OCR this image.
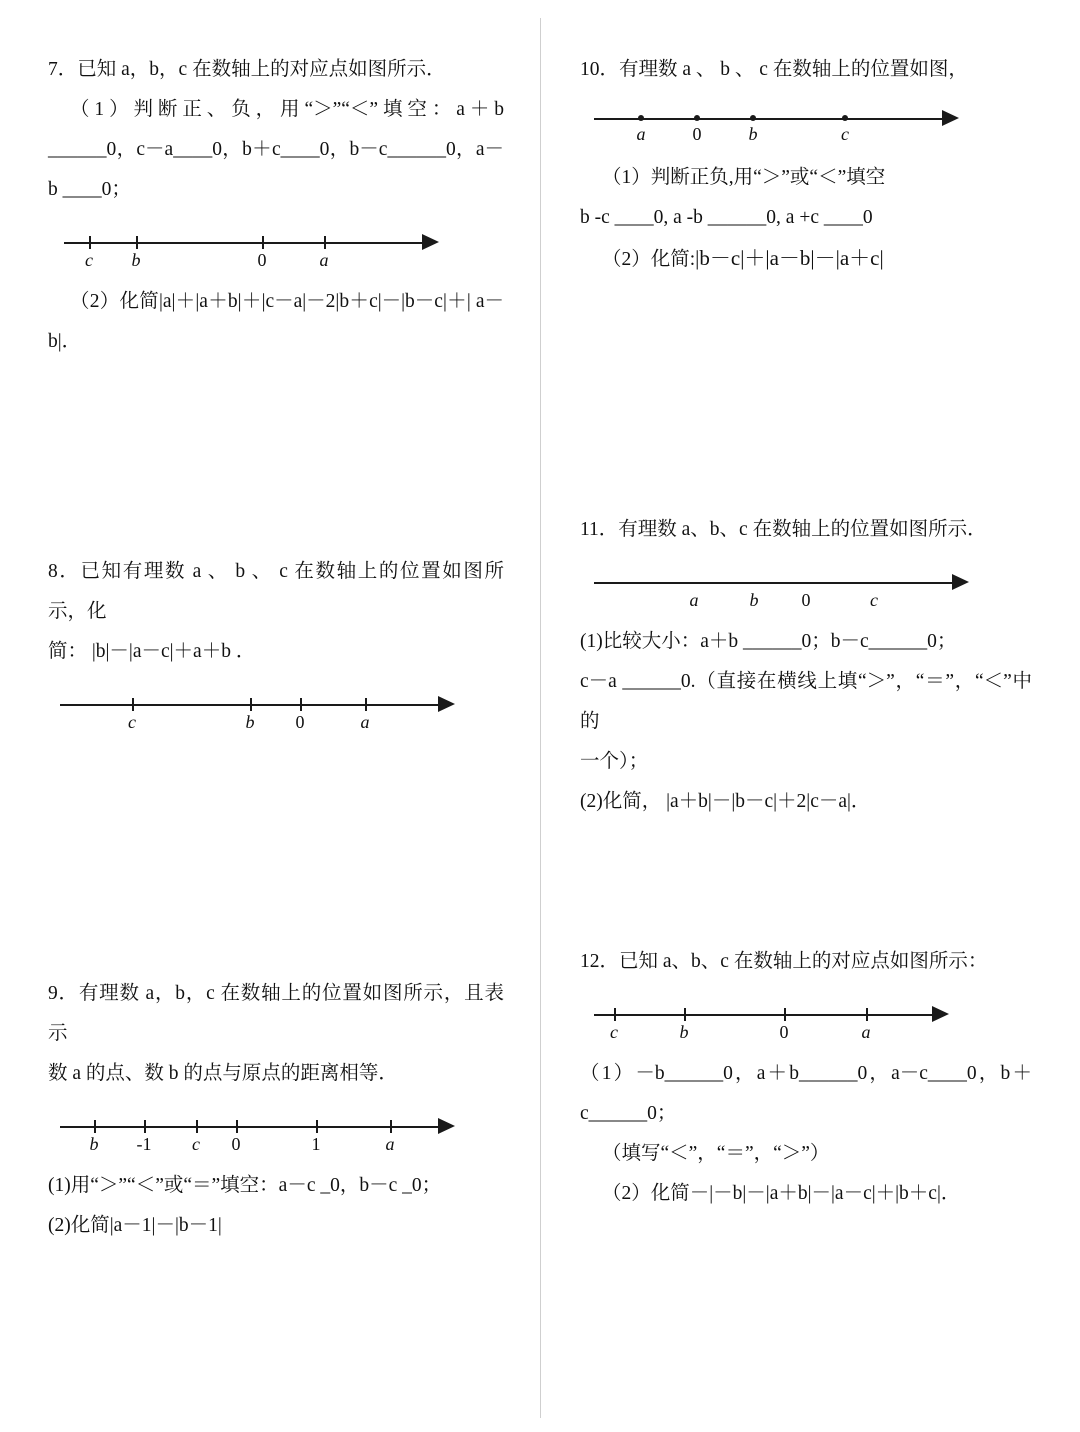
7．已知 a，b，c 在数轴上的对应点如图所示．
（1）判断正、负，用“＞”“＜”填空：a＋b ______0，c－a____0，b＋c____0，b－c______0，a－b ____0；
c b	0	a
（2）化简|a|＋|a＋b|＋|c－a|－2|b＋c|－|b－c|＋| a－b|．
8．已知有理数 a 、 b 、 c 在数轴上的位置如图所示，化
简： |b|－|a－c|＋a＋b ．
c	b 0	a
9．有理数 a，b，c 在数轴上的位置如图所示，且表示
数 a 的点、数 b 的点与原点的距离相等．
b -1 c 0	1	a
(1)用“＞”“＜”或“＝”填空：a－c _0，b－c _0；
(2)化简|a－1|－|b－1|
10．有理数 a 、 b 、 c 在数轴上的位置如图，
a	0	b	c
（1）判断正负,用“＞”或“＜”填空
b -c ____0, a -b ______0, a +c ____0
（2）化简:|b－c|＋|a－b|－|a＋c|
11．有理数 a、b、c 在数轴上的位置如图所示．
a	b 0	c
(1)比较大小：a＋b ______0；b－c______0；
c－a ______0.（直接在横线上填“＞”，“＝”，“＜”中的
一个）；
(2)化简， |a＋b|－|b－c|＋2|c－a|．
12．已知 a、b、c 在数轴上的对应点如图所示：
c	b	0	a
（1）－b______0，a＋b______0，a－c____0，b＋c______0；
（填写“＜”，“＝”，“＞”）
（2）化简－|－b|－|a＋b|－|a－c|＋|b＋c|．
